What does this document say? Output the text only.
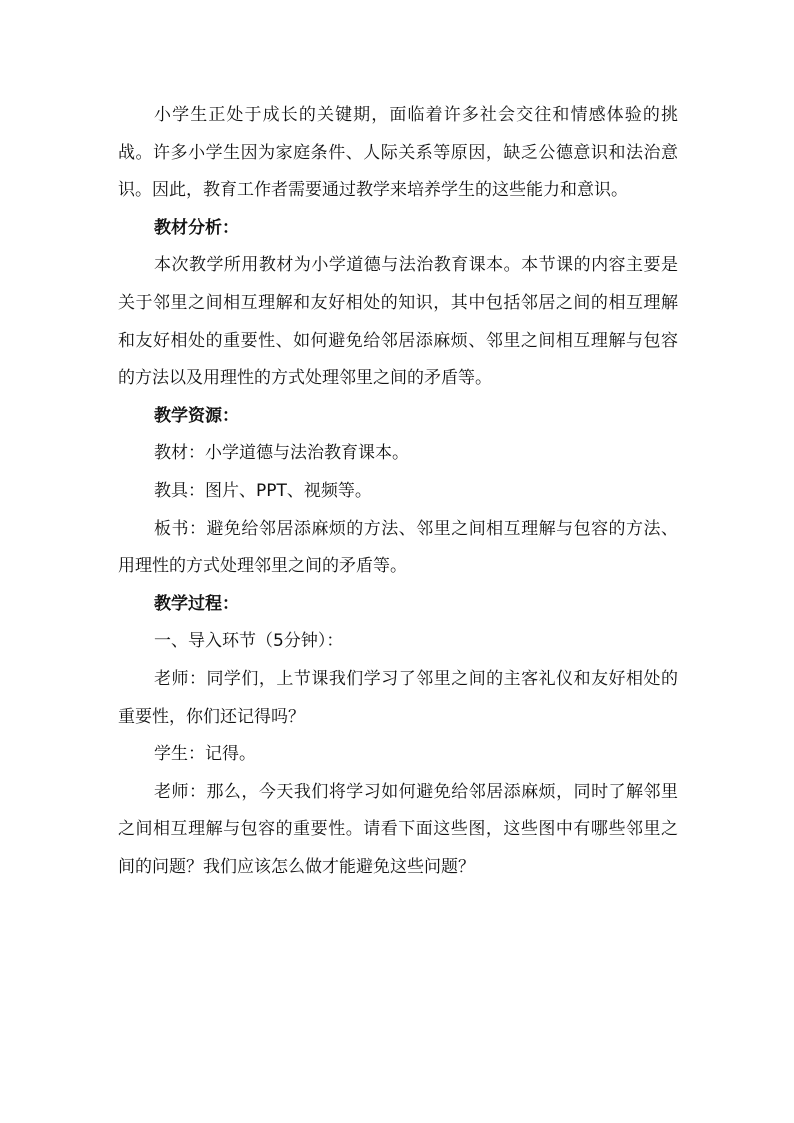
小学生正处于成长的关键期，面临着许多社会交往和情感体验的挑战。许多小学生因为家庭条件、人际关系等原因，缺乏公德意识和法治意识。因此，教育工作者需要通过教学来培养学生的这些能力和意识。

教材分析：

本次教学所用教材为小学道德与法治教育课本。本节课的内容主要是关于邻里之间相互理解和友好相处的知识，其中包括邻居之间的相互理解和友好相处的重要性、如何避免给邻居添麻烦、邻里之间相互理解与包容的方法以及用理性的方式处理邻里之间的矛盾等。

教学资源：

教材：小学道德与法治教育课本。

教具：图片、PPT、视频等。

板书：避免给邻居添麻烦的方法、邻里之间相互理解与包容的方法、用理性的方式处理邻里之间的矛盾等。

教学过程：

一、导入环节（5分钟）：

老师：同学们，上节课我们学习了邻里之间的主客礼仪和友好相处的重要性，你们还记得吗？

学生：记得。

老师：那么，今天我们将学习如何避免给邻居添麻烦，同时了解邻里之间相互理解与包容的重要性。请看下面这些图，这些图中有哪些邻里之间的问题？我们应该怎么做才能避免这些问题？
